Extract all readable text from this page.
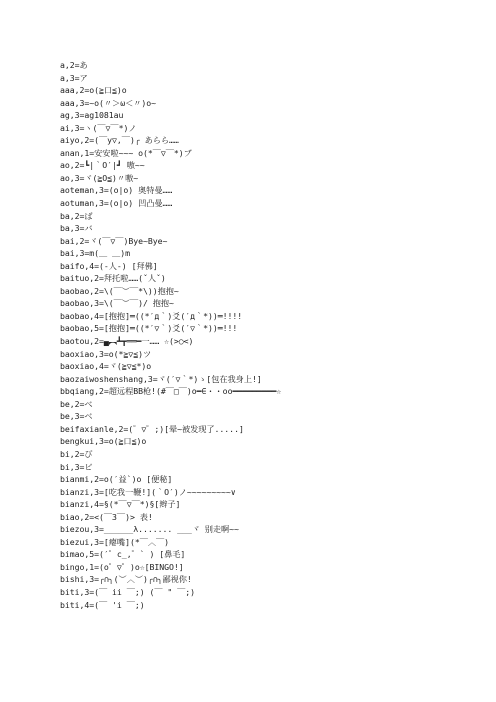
a,2=あ
a,3=ア
aaa,2=o(≧口≦)o
aaa,3=~o(〃＞ω＜〃)o~
ag,3=ag1081au
ai,3=ヽ(￣▽￣*)ノ
aiyo,2=(￣y▽,￣)╭ あらら……
anan,1=安安啦~~~ o(*￣▽￣*)ブ
ao,2=┗|｀O′|┛ 嗷~~
ao,3=ヾ(≧O≦)〃嗷~
aoteman,3=(o|o) 奥特曼……
aotuman,3=(o|o) 凹凸曼……
ba,2=ば
ba,3=バ
bai,2=ヾ(￣▽￣)Bye~Bye~
bai,3=m(＿ ＿)m
baifo,4=(-人-) [拜佛]
baituo,2=拜托啦……(ˇ人ˇ)
baobao,2=\(￣︶￣*\))抱抱~
baobao,3=\(￣︶￣)/ 抱抱~
baobao,4=[抱抱]═((*′д｀)爻(′д｀*))═!!!!
baobao,5=[抱抱]═((*′▽｀)爻(′▽｀*))═!!!
baotou,2=▄︻┻┳══━一…… ☆(>○<)
baoxiao,3=o(*≧▽≦)ツ
baoxiao,4=ヾ(≧▽≦*)o
baozaiwoshenshang,3=ヾ(′▽｀*)ゝ[包在我身上!]
bbqiang,2=超远程BB枪!(#￣□￣)o━∈・・oo━━━━━━━━━☆
be,2=べ
be,3=ベ
beifaxianle,2=(゜▽゜;)[晕~被发现了.....]
bengkui,3=o(≧口≦)o
bi,2=び
bi,3=ビ
bianmi,2=o(′益`)o [便秘]
bianzi,3=[吃我一鞭!](｀O′)ノ~~~~~~~~~∨
bianzi,4=§(*￣▽￣*)§[辫子]
biao,2=<(￣3￣)> 表!
biezou,3=______λ....... ___ヾ 别走啊~~
biezui,3=[瘪嘴](*￣︿￣)
bimao,5=(′゜c_,゜` ) [鼻毛]
bingo,1=(o゜▽゜)o☆[BINGO!]
bishi,3=╭∩╮(︶︿︶)╭∩╮鄙视你!
biti,3=(￣ ii ￣;) (￣ " ￣;)
biti,4=(￣ 'i ￣;)
